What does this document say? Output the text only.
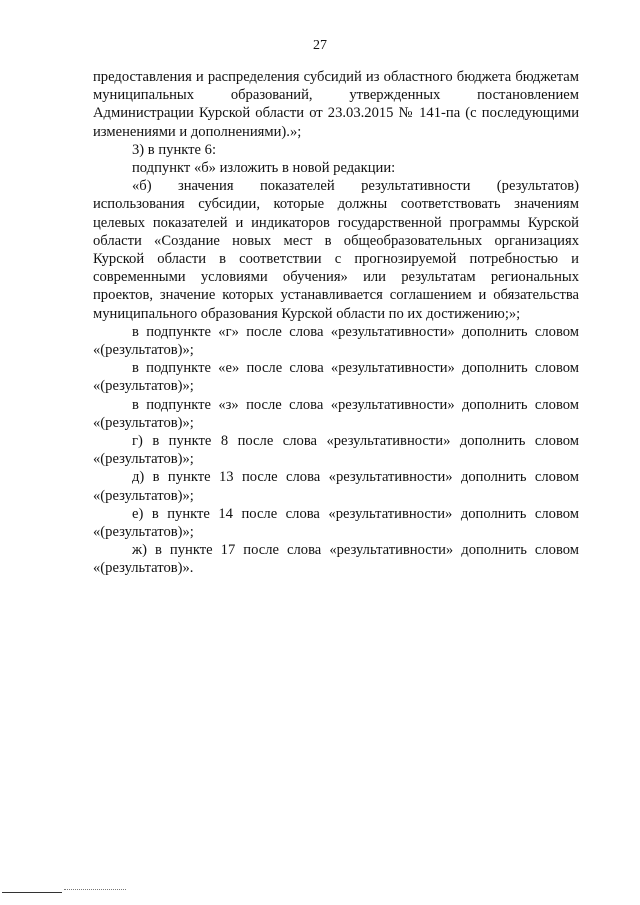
27

предоставления и распределения субсидий из областного бюджета бюджетам муниципальных образований, утвержденных постановлением Администрации Курской области от 23.03.2015 № 141-па (с последующими изменениями и дополнениями).»;

3) в пункте 6:

подпункт «б» изложить в новой редакции:

«б) значения показателей результативности (результатов) использования субсидии, которые должны соответствовать значениям целевых показателей и индикаторов государственной программы Курской области «Создание новых мест в общеобразовательных организациях Курской области в соответствии с прогнозируемой потребностью и современными условиями обучения» или результатам региональных проектов, значение которых устанавливается соглашением и обязательства муниципального образования Курской области по их достижению;»;

в подпункте «г» после слова «результативности» дополнить словом «(результатов)»;

в подпункте «е» после слова «результативности» дополнить словом «(результатов)»;

в подпункте «з» после слова «результативности» дополнить словом «(результатов)»;

г) в пункте 8 после слова «результативности» дополнить словом «(результатов)»;

д) в пункте 13 после слова «результативности» дополнить словом «(результатов)»;

е) в пункте 14 после слова «результативности» дополнить словом «(результатов)»;

ж) в пункте 17 после слова «результативности» дополнить словом «(результатов)».
